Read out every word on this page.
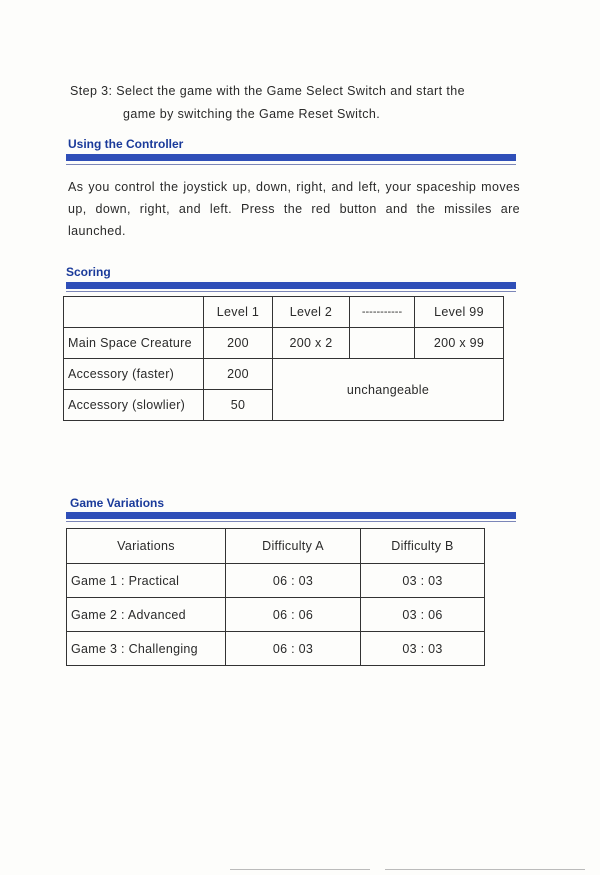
Step 3: Select the game with the Game Select Switch and start the
game by switching the Game Reset Switch.
Using the Controller
As you control the joystick up, down, right, and left, your spaceship moves up, down, right, and left. Press the red button and the missiles are launched.
Scoring
	Level 1	Level 2	-----------	Level 99
Main Space Creature	200	200 x 2		200 x 99
Accessory (faster)	200	unchangeable		
Accessory (slowlier)	50			
Game Variations
Variations	Difficulty A	Difficulty B
Game 1 : Practical	06 : 03	03 : 03
Game 2 : Advanced	06 : 06	03 : 06
Game 3 : Challenging	06 : 03	03 : 03
